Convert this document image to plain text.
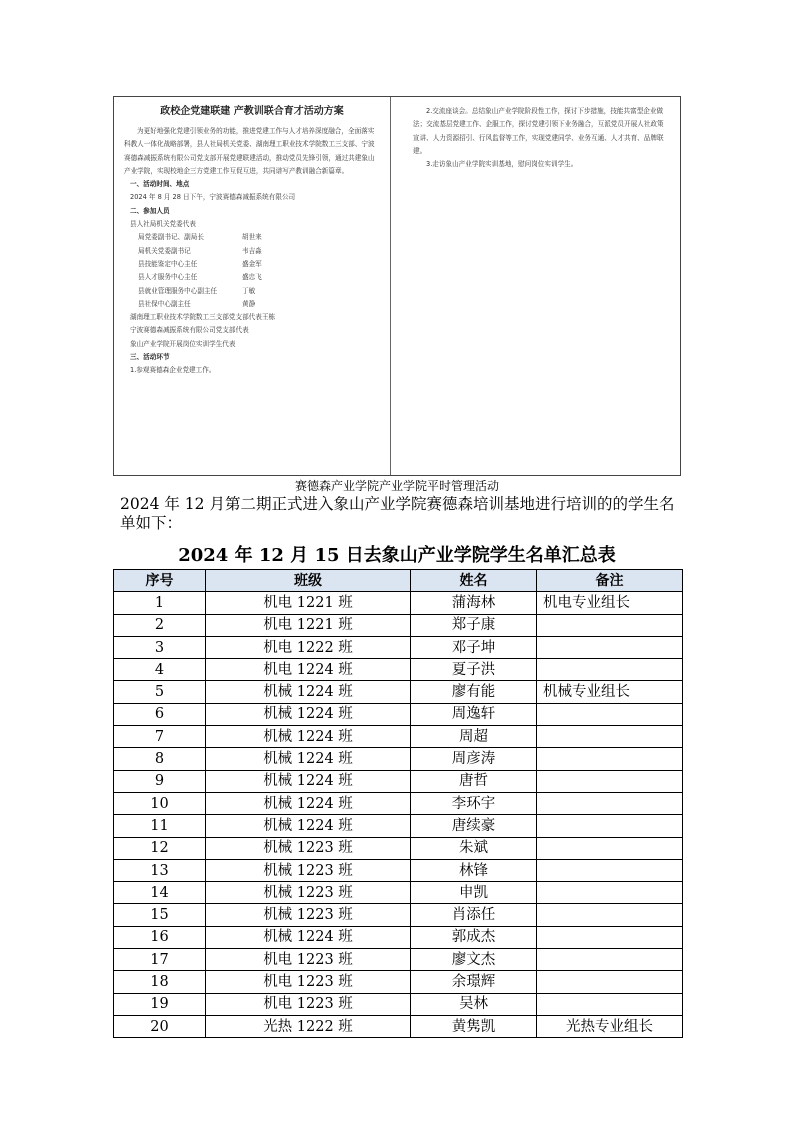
政校企党建联建 产教训联合育才活动方案

为更好地强化党建引领业务的功能，推进党建工作与人才培养深度融合，全面落实科教人一体化战略部署，县人社局机关党委、湖南理工职业技术学院数工三支部、宁波赛德森减振系统有限公司党支部开展党建联建活动，推动党员先锋引领，通过共建象山产业学院，实现校地企三方党建工作互促互进，共同谱写产教训融合新篇章。

一、活动时间、地点

2024 年 8 月 28 日下午，宁波赛德森减振系统有限公司

二、参加人员

县人社局机关党委代表

局党委副书记、副局长	胡世来
局机关党委副书记	韦吉淼
县技能鉴定中心主任	盛金军
县人才服务中心主任	盛忠飞
县就业管理服务中心副主任	丁敏
县社保中心副主任	黄静

湖南理工职业技术学院数工三支部党支部代表王栋

宁波赛德森减振系统有限公司党支部代表

象山产业学院开展岗位实训学生代表

三、活动环节

1.参观赛德森企业党建工作。

2.交流座谈会。总结象山产业学院阶段性工作，探讨下步措施，技能共富型企业做法；交流基层党建工作、企服工作，探讨党建引领下业务融合，互派党员开展人社政策宣讲、人力资源招引、行风监督等工作，实现党建同学、业务互通、人才共育、品牌联建。

3.走访象山产业学院实训基地，慰问岗位实训学生。

赛德森产业学院产业学院平时管理活动
2024 年 12 月第二期正式进入象山产业学院赛德森培训基地进行培训的的学生名单如下：
2024 年 12 月 15 日去象山产业学院学生名单汇总表
序号	班级	姓名	备注
1	机电 1221 班	蒲海林	机电专业组长
2	机电 1221 班	郑子康	
3	机电 1222 班	邓子坤	
4	机电 1224 班	夏子洪	
5	机械 1224 班	廖有能	机械专业组长
6	机械 1224 班	周逸轩	
7	机械 1224 班	周超	
8	机械 1224 班	周彦涛	
9	机械 1224 班	唐哲	
10	机械 1224 班	李环宇	
11	机械 1224 班	唐续豪	
12	机械 1223 班	朱斌	
13	机械 1223 班	林锋	
14	机械 1223 班	申凯	
15	机械 1223 班	肖添任	
16	机械 1224 班	郭成杰	
17	机电 1223 班	廖文杰	
18	机电 1223 班	余璟辉	
19	机电 1223 班	吴林	
20	光热 1222 班	黄隽凯	光热专业组长
